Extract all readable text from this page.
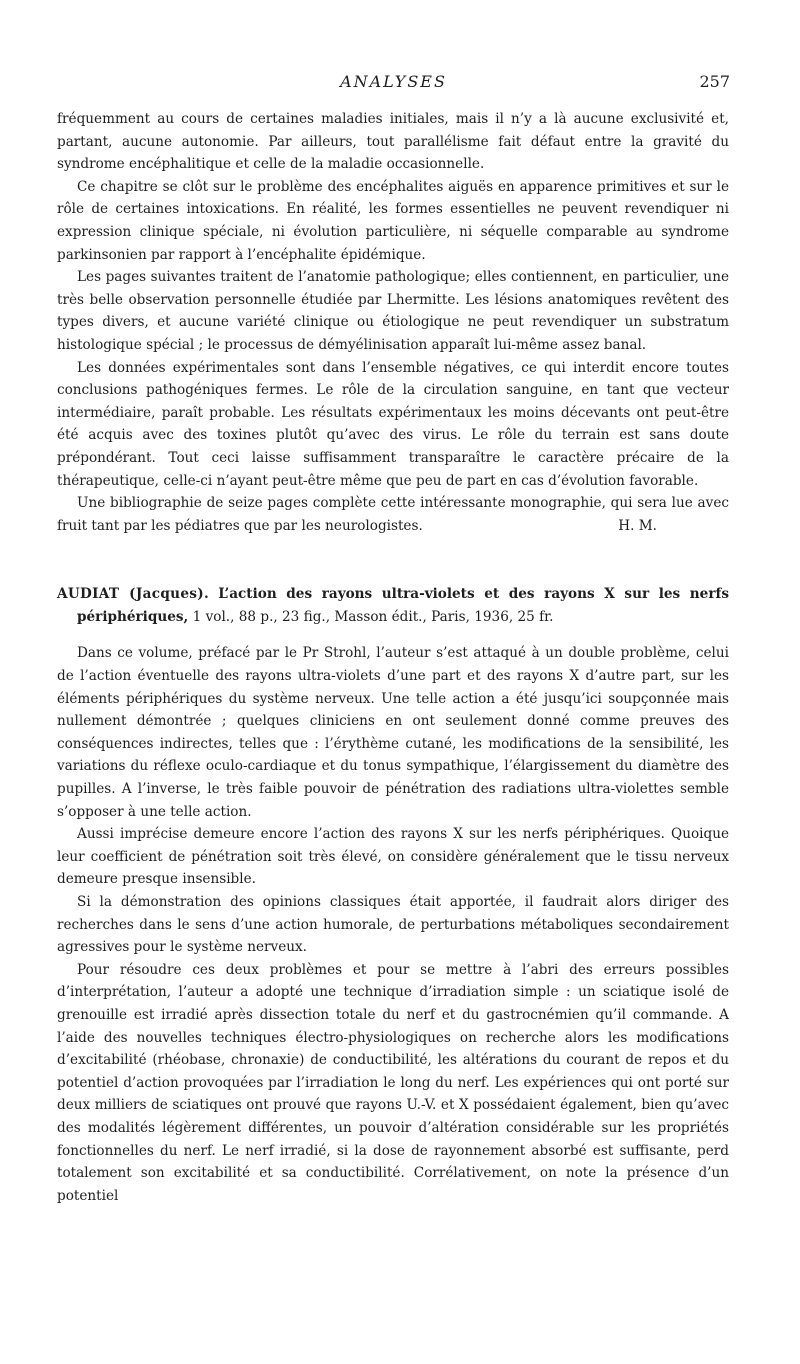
ANALYSES	257

fréquemment au cours de certaines maladies initiales, mais il n’y a là aucune exclusivité et, partant, aucune autonomie. Par ailleurs, tout parallélisme fait défaut entre la gravité du syndrome encéphalitique et celle de la maladie occasionnelle.

Ce chapitre se clôt sur le problème des encéphalites aiguës en apparence primitives et sur le rôle de certaines intoxications. En réalité, les formes essentielles ne peuvent revendiquer ni expression clinique spéciale, ni évolution particulière, ni séquelle comparable au syndrome parkinsonien par rapport à l’encéphalite épidémique.

Les pages suivantes traitent de l’anatomie pathologique; elles contiennent, en particulier, une très belle observation personnelle étudiée par Lhermitte. Les lésions anatomiques revêtent des types divers, et aucune variété clinique ou étiologique ne peut revendiquer un substratum histologique spécial ; le processus de démyélinisation apparaît lui-même assez banal.

Les données expérimentales sont dans l’ensemble négatives, ce qui interdit encore toutes conclusions pathogéniques fermes. Le rôle de la circulation sanguine, en tant que vecteur intermédiaire, paraît probable. Les résultats expérimentaux les moins décevants ont peut-être été acquis avec des toxines plutôt qu’avec des virus. Le rôle du terrain est sans doute prépondérant. Tout ceci laisse suffisamment transparaître le caractère précaire de la thérapeutique, celle-ci n’ayant peut-être même que peu de part en cas d’évolution favorable.

Une bibliographie de seize pages complète cette intéressante monographie, qui sera lue avec fruit tant par les pédiatres que par les neurologistes.	H. M.

AUDIAT (Jacques). L’action des rayons ultra-violets et des rayons X sur les nerfs périphériques, 1 vol., 88 p., 23 fig., Masson édit., Paris, 1936, 25 fr.

Dans ce volume, préfacé par le Pr Strohl, l’auteur s’est attaqué à un double problème, celui de l’action éventuelle des rayons ultra-violets d’une part et des rayons X d’autre part, sur les éléments périphériques du système nerveux. Une telle action a été jusqu’ici soupçonnée mais nullement démontrée ; quelques cliniciens en ont seulement donné comme preuves des conséquences indirectes, telles que : l’érythème cutané, les modifications de la sensibilité, les variations du réflexe oculo-cardiaque et du tonus sympathique, l’élargissement du diamètre des pupilles. A l’inverse, le très faible pouvoir de pénétration des radiations ultra-violettes semble s’opposer à une telle action.

Aussi imprécise demeure encore l’action des rayons X sur les nerfs périphériques. Quoique leur coefficient de pénétration soit très élevé, on considère généralement que le tissu nerveux demeure presque insensible.

Si la démonstration des opinions classiques était apportée, il faudrait alors diriger des recherches dans le sens d’une action humorale, de perturbations métaboliques secondairement agressives pour le système nerveux.

Pour résoudre ces deux problèmes et pour se mettre à l’abri des erreurs possibles d’interprétation, l’auteur a adopté une technique d’irradiation simple : un sciatique isolé de grenouille est irradié après dissection totale du nerf et du gastrocnémien qu’il commande. A l’aide des nouvelles techniques électro-physiologiques on recherche alors les modifications d’excitabilité (rhéobase, chronaxie) de conductibilité, les altérations du courant de repos et du potentiel d’action provoquées par l’irradiation le long du nerf. Les expériences qui ont porté sur deux milliers de sciatiques ont prouvé que rayons U.-V. et X possédaient également, bien qu’avec des modalités légèrement différentes, un pouvoir d’altération considérable sur les propriétés fonctionnelles du nerf. Le nerf irradié, si la dose de rayonnement absorbé est suffisante, perd totalement son excitabilité et sa conductibilité. Corrélativement, on note la présence d’un potentiel
